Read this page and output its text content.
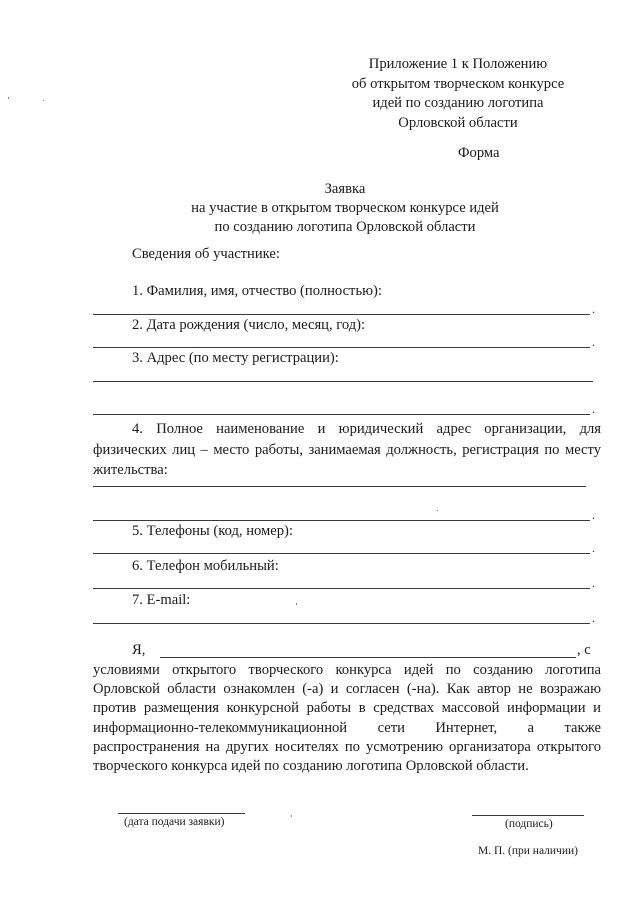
Приложение 1 к Положению
об открытом творческом конкурсе
идей по созданию логотипа
Орловской области
Форма
Заявка
на участие в открытом творческом конкурсе идей
по созданию логотипа Орловской области
Сведения об участнике:
1. Фамилия, имя, отчество (полностью):
.
2. Дата рождения (число, месяц, год):
.
3. Адрес (по месту регистрации):
.
4. Полное наименование и юридический адрес организации, для физических лиц – место работы, занимаемая должность, регистрация по месту жительства:
.
5. Телефоны (код, номер):
.
6. Телефон мобильный:
.
7. E-mail:
.
Я,	, с
условиями открытого творческого конкурса идей по созданию логотипа Орловской области ознакомлен (-а) и согласен (-на). Как автор не возражаю против размещения конкурсной работы в средствах массовой информации и информационно-телекоммуникационной сети Интернет, а также распространения на других носителях по усмотрению организатора открытого творческого конкурса идей по созданию логотипа Орловской области.
(дата подачи заявки)	(подпись)
М. П. (при наличии)
